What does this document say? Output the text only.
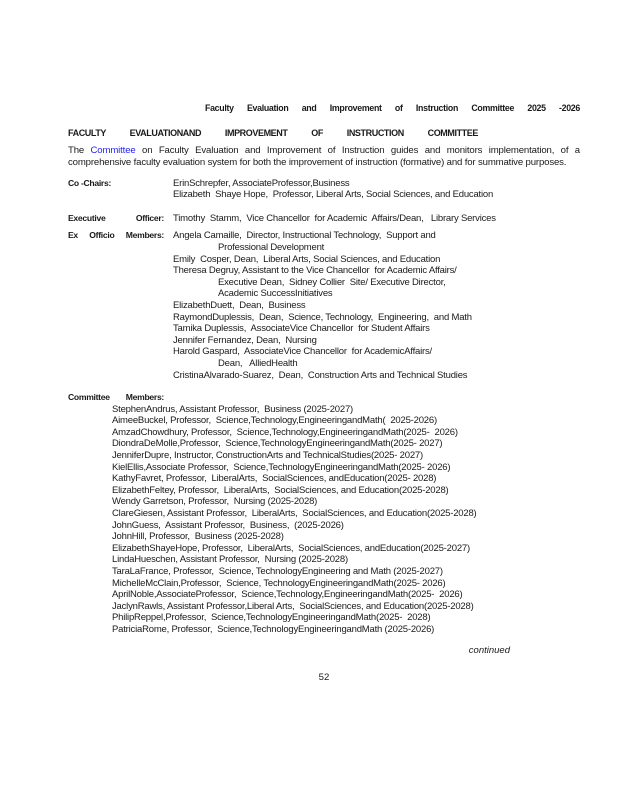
Faculty Evaluation and Improvement of Instruction Committee 2025 -2026
FACULTY EVALUATIONAND IMPROVEMENT OF INSTRUCTION COMMITTEE

The Committee on Faculty Evaluation and Improvement of Instruction guides and monitors implementation, of a comprehensive faculty evaluation system for both the improvement of instruction (formative) and for summative purposes.

Co -Chairs:	ErinSchrepfer, AssociateProfessor,Business
Elizabeth  Shaye Hope,  Professor, Liberal Arts, Social Sciences, and Education
Executive Officer: Timothy  Stamm,  Vice Chancellor  for Academic  Affairs/Dean,   Library Services
Ex Officio Members: Angela Camaille,  Director, Instructional Technology,  Support and
Professional Development
Emily  Cosper, Dean,  Liberal Arts, Social Sciences, and Education
Theresa Degruy, Assistant to the Vice Chancellor  for Academic Affairs/
Executive Dean,  Sidney Collier  Site/ Executive Director,
Academic SuccessInitiatives
ElizabethDuett,  Dean,  Business
RaymondDuplessis,  Dean,  Science, Technology,  Engineering,  and Math
Tamika Duplessis,  AssociateVice Chancellor  for Student Affairs
Jennifer Fernandez, Dean,  Nursing
Harold Gaspard,  AssociateVice Chancellor  for AcademicAffairs/
Dean,   AlliedHealth
CristinaAlvarado-Suarez,  Dean,  Construction Arts and Technical Studies
Committee Members:
StephenAndrus, Assistant Professor,  Business (2025-2027)
AimeeBuckel, Professor,  Science,Technology,EngineeringandMath(  2025-2026)
AmzadChowdhury, Professor,  Science,Technology,EngineeringandMath(2025-  2026)
DiondraDeMolle,Professor,  Science,TechnologyEngineeringandMath(2025- 2027)
JenniferDupre, Instructor, ConstructionArts and TechnicalStudies(2025- 2027)
KielEllis,Associate Professor,  Science,TechnologyEngineeringandMath(2025- 2026)
KathyFavret, Professor,  LiberalArts,  SocialSciences, andEducation(2025- 2028)
ElizabethFeltey, Professor,  LiberalArts,  SocialSciences, and Education(2025-2028)
Wendy Garretson, Professor,  Nursing (2025-2028)
ClareGiesen, Assistant Professor,  LiberalArts,  SocialSciences, and Education(2025-2028)
JohnGuess,  Assistant Professor,  Business,  (2025-2026)
JohnHill, Professor,  Business (2025-2028)
ElizabethShayeHope, Professor,  LiberalArts,  SocialSciences, andEducation(2025-2027)
LindaHueschen, Assistant Professor,  Nursing (2025-2028)
TaraLaFrance, Professor,  Science, TechnologyEngineering and Math (2025-2027)
MichelleMcClain,Professor,  Science, TechnologyEngineeringandMath(2025- 2026)
AprilNoble,AssociateProfessor,  Science,Technology,EngineeringandMath(2025-  2026)
JaclynRawls, Assistant Professor,Liberal Arts,  SocialSciences, and Education(2025-2028)
PhilipReppel,Professor,  Science,TechnologyEngineeringandMath(2025-  2028)
PatriciaRome, Professor,  Science,TechnologyEngineeringandMath (2025-2026)
continued
52
